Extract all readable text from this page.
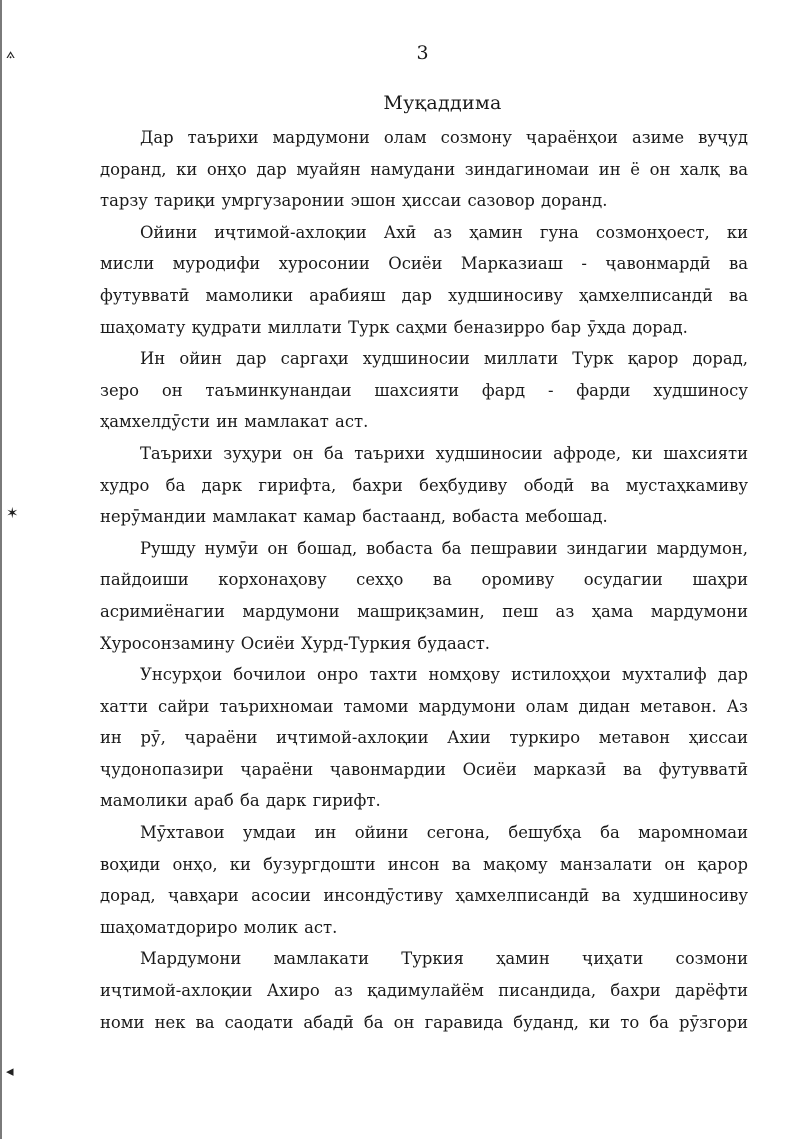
⟑
✶
◂
3
Муқаддима

Дар таърихи мардумони олам созмону ҷараёнҳои азиме вуҷуд

доранд, ки онҳо дар муайян намудани зиндагиномаи ин ё он халқ ва

тарзу тариқи умргузаронии эшон ҳиссаи сазовор доранд.

Ойини иҷтимой-ахлоқии Ахӣ аз ҳамин гуна созмонҳоест, ки

мисли муродифи хуросонии Осиёи Марказиаш - ҷавонмардӣ ва

футувватӣ мамолики арабияш дар худшиносиву ҳамхелписандӣ ва

шаҳомату қудрати миллати Турк саҳми беназирро бар ӯҳда дорад.

Ин ойин дар саргаҳи худшиносии миллати Турк қарор дорад,

зеро он таъминкунандаи шахсияти фард - фарди худшиносу

ҳамхелдӯсти ин мамлакат аст.

Таърихи зуҳури он ба таърихи худшиносии афроде, ки шахсияти

худро ба дарк гирифта, бахри беҳбудиву ободӣ ва мустаҳкамиву

нерӯмандии мамлакат камар бастаанд, вобаста мебошад.

Рушду нумӯи он бошад, вобаста ба пешравии зиндагии мардумон,

пайдоиши корхонаҳову сехҳо ва оромиву осудагии шаҳри

асримиёнагии мардумони машриқзамин, пеш аз ҳама мардумони

Хуросонзамину Осиёи Хурд-Туркия будааст.

Унсурҳои бочилои онро тахти номҳову истилоҳҳои мухталиф дар

хатти сайри таърихномаи тамоми мардумони олам дидан метавон. Аз

ин рӯ, ҷараёни иҷтимой-ахлоқии Ахии туркиро метавон ҳиссаи

ҷудонопазири ҷараёни ҷавонмардии Осиёи марказӣ ва футувватӣ

мамолики араб ба дарк гирифт.

Мӯхтавои умдаи ин ойини сегона, бешубҳа ба маромномаи

воҳиди онҳо, ки бузургдошти инсон ва мақому манзалати он қарор

дорад, ҷавҳари асосии инсондӯстиву ҳамхелписандӣ ва худшиносиву

шаҳоматдориро молик аст.

Мардумони мамлакати Туркия ҳамин ҷиҳати созмони

иҷтимой-ахлоқии Ахиро аз қадимулайём писандида, бахри дарёфти

номи нек ва саодати абадӣ ба он гаравида буданд, ки то ба рӯзгори
